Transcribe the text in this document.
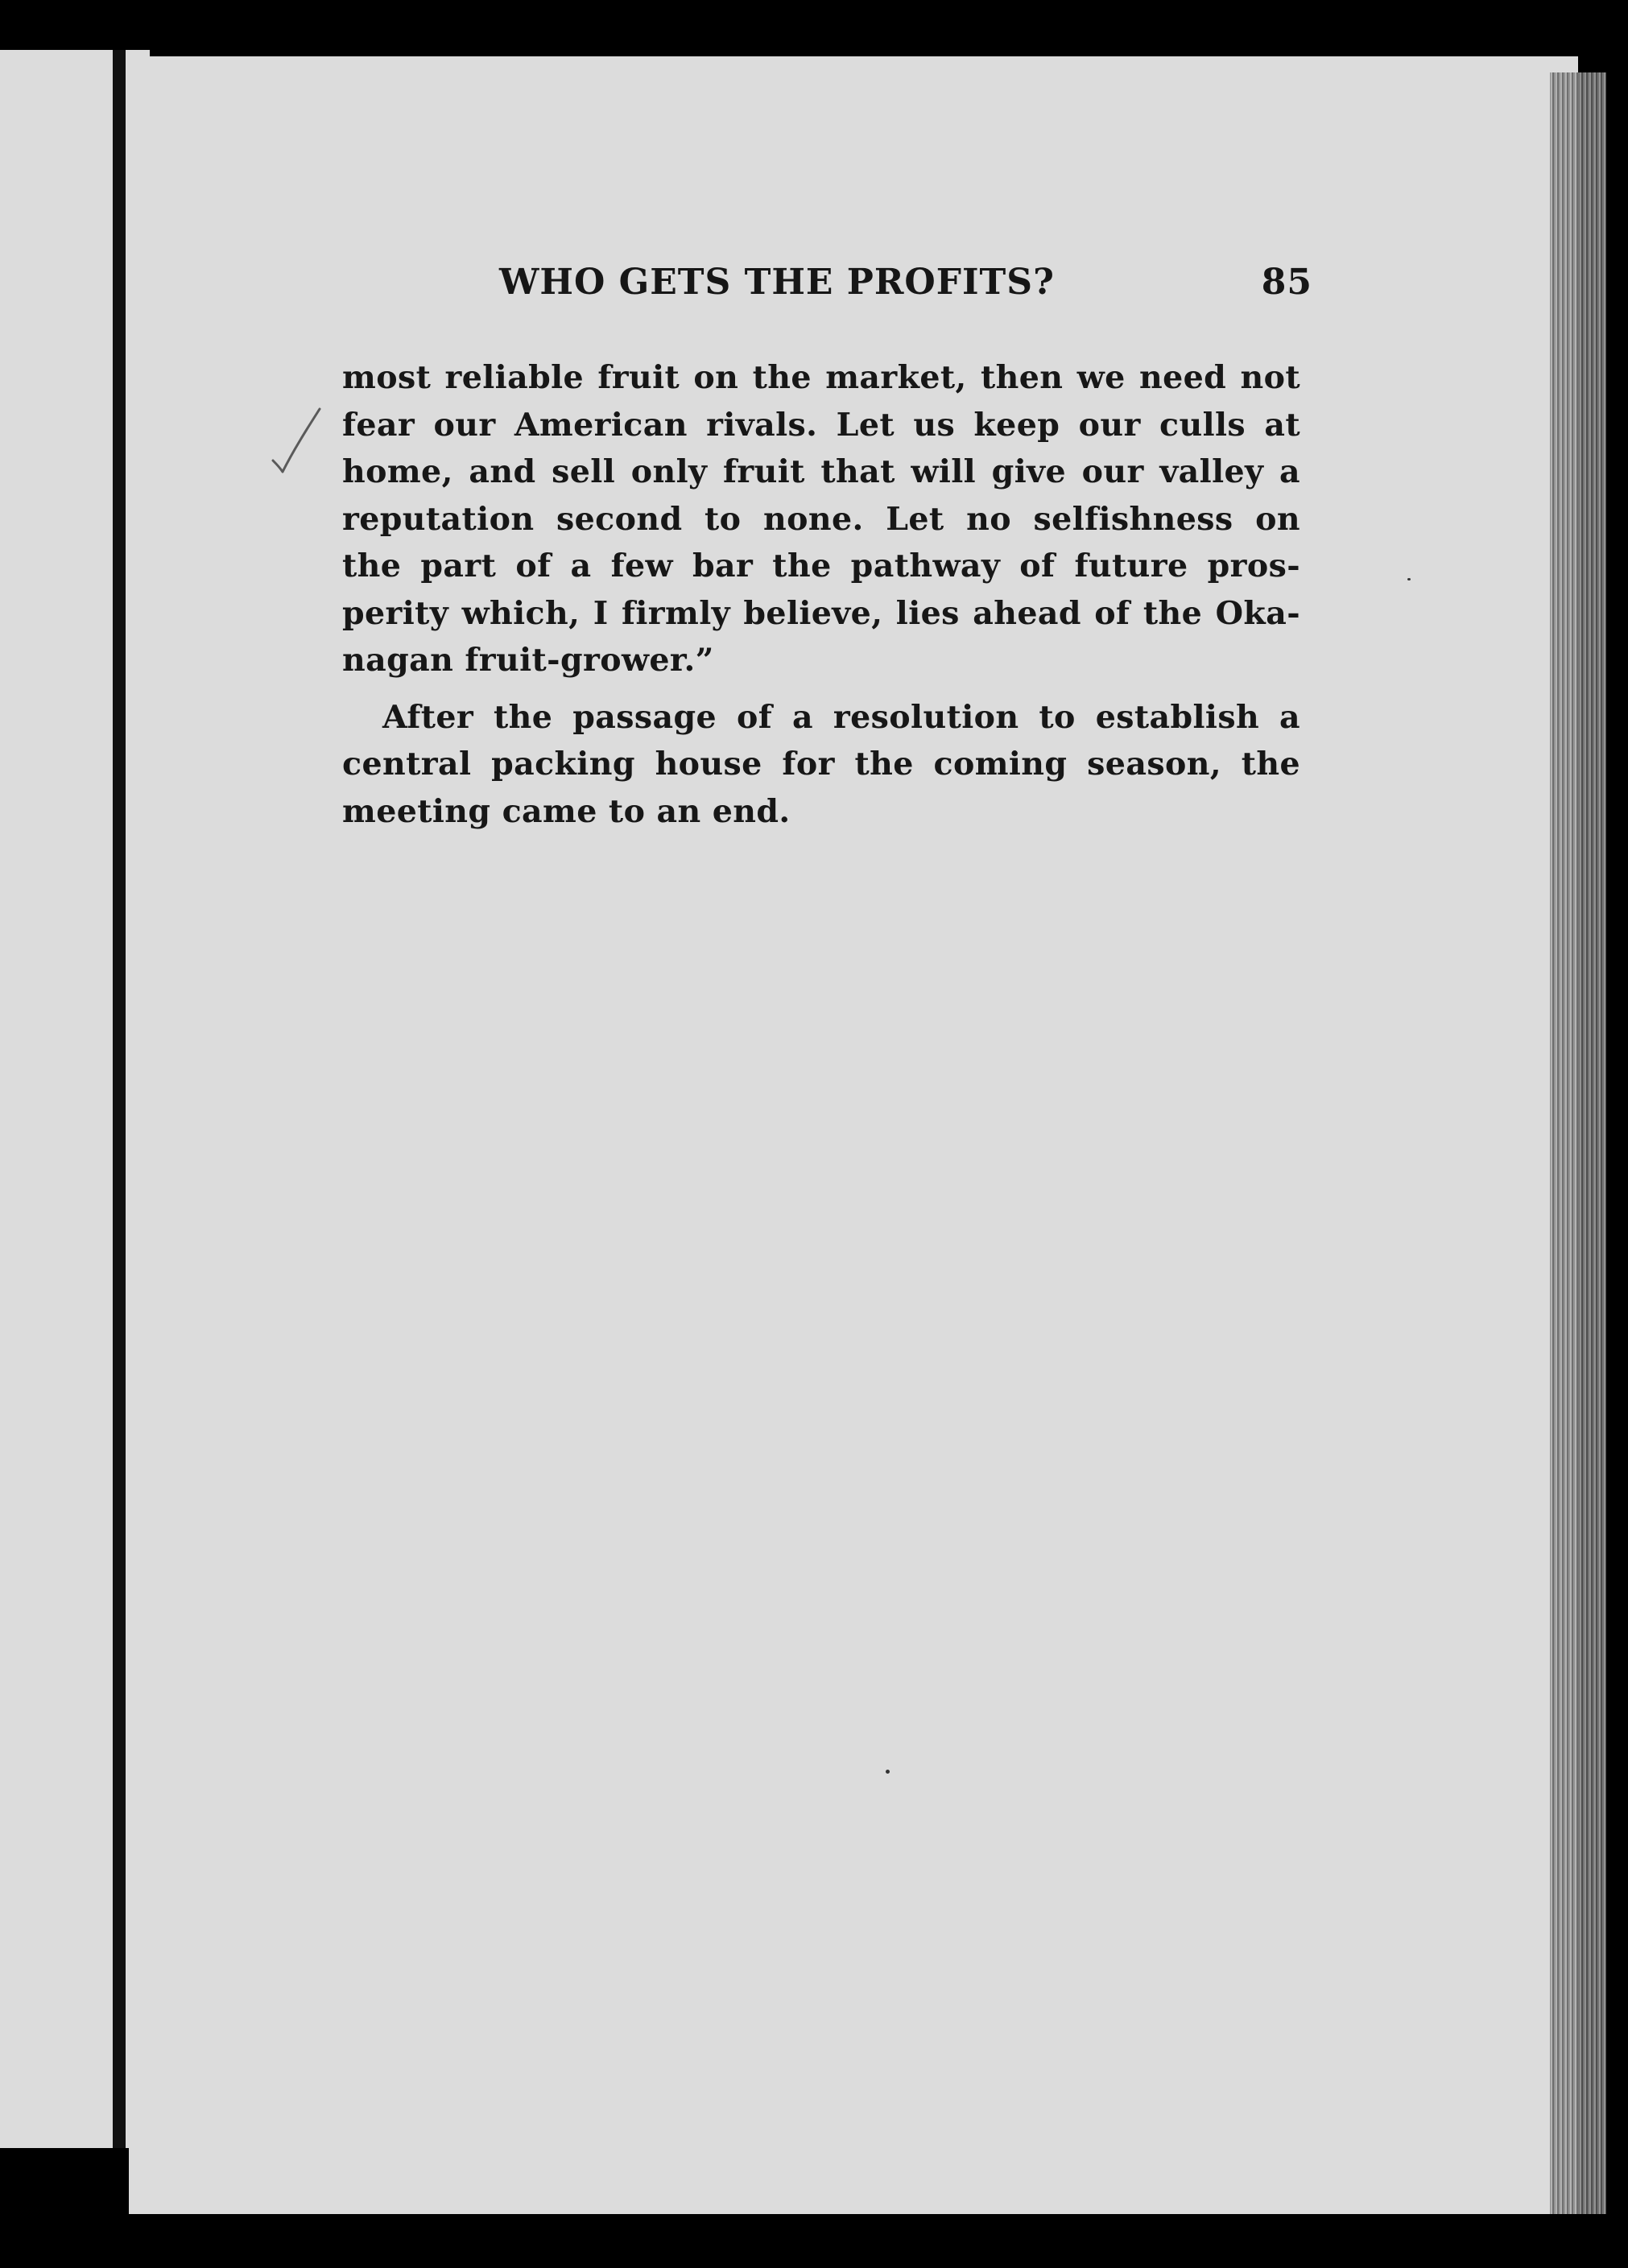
WHO GETS THE PROFITS?	85
most reliable fruit on the market, then we need not
fear our American rivals. Let us keep our culls at
home, and sell only fruit that will give our valley a
reputation second to none. Let no selfishness on
the part of a few bar the pathway of future pros-
perity which, I firmly believe, lies ahead of the Oka-
nagan fruit-grower.”
After the passage of a resolution to establish a
central packing house for the coming season, the
meeting came to an end.
